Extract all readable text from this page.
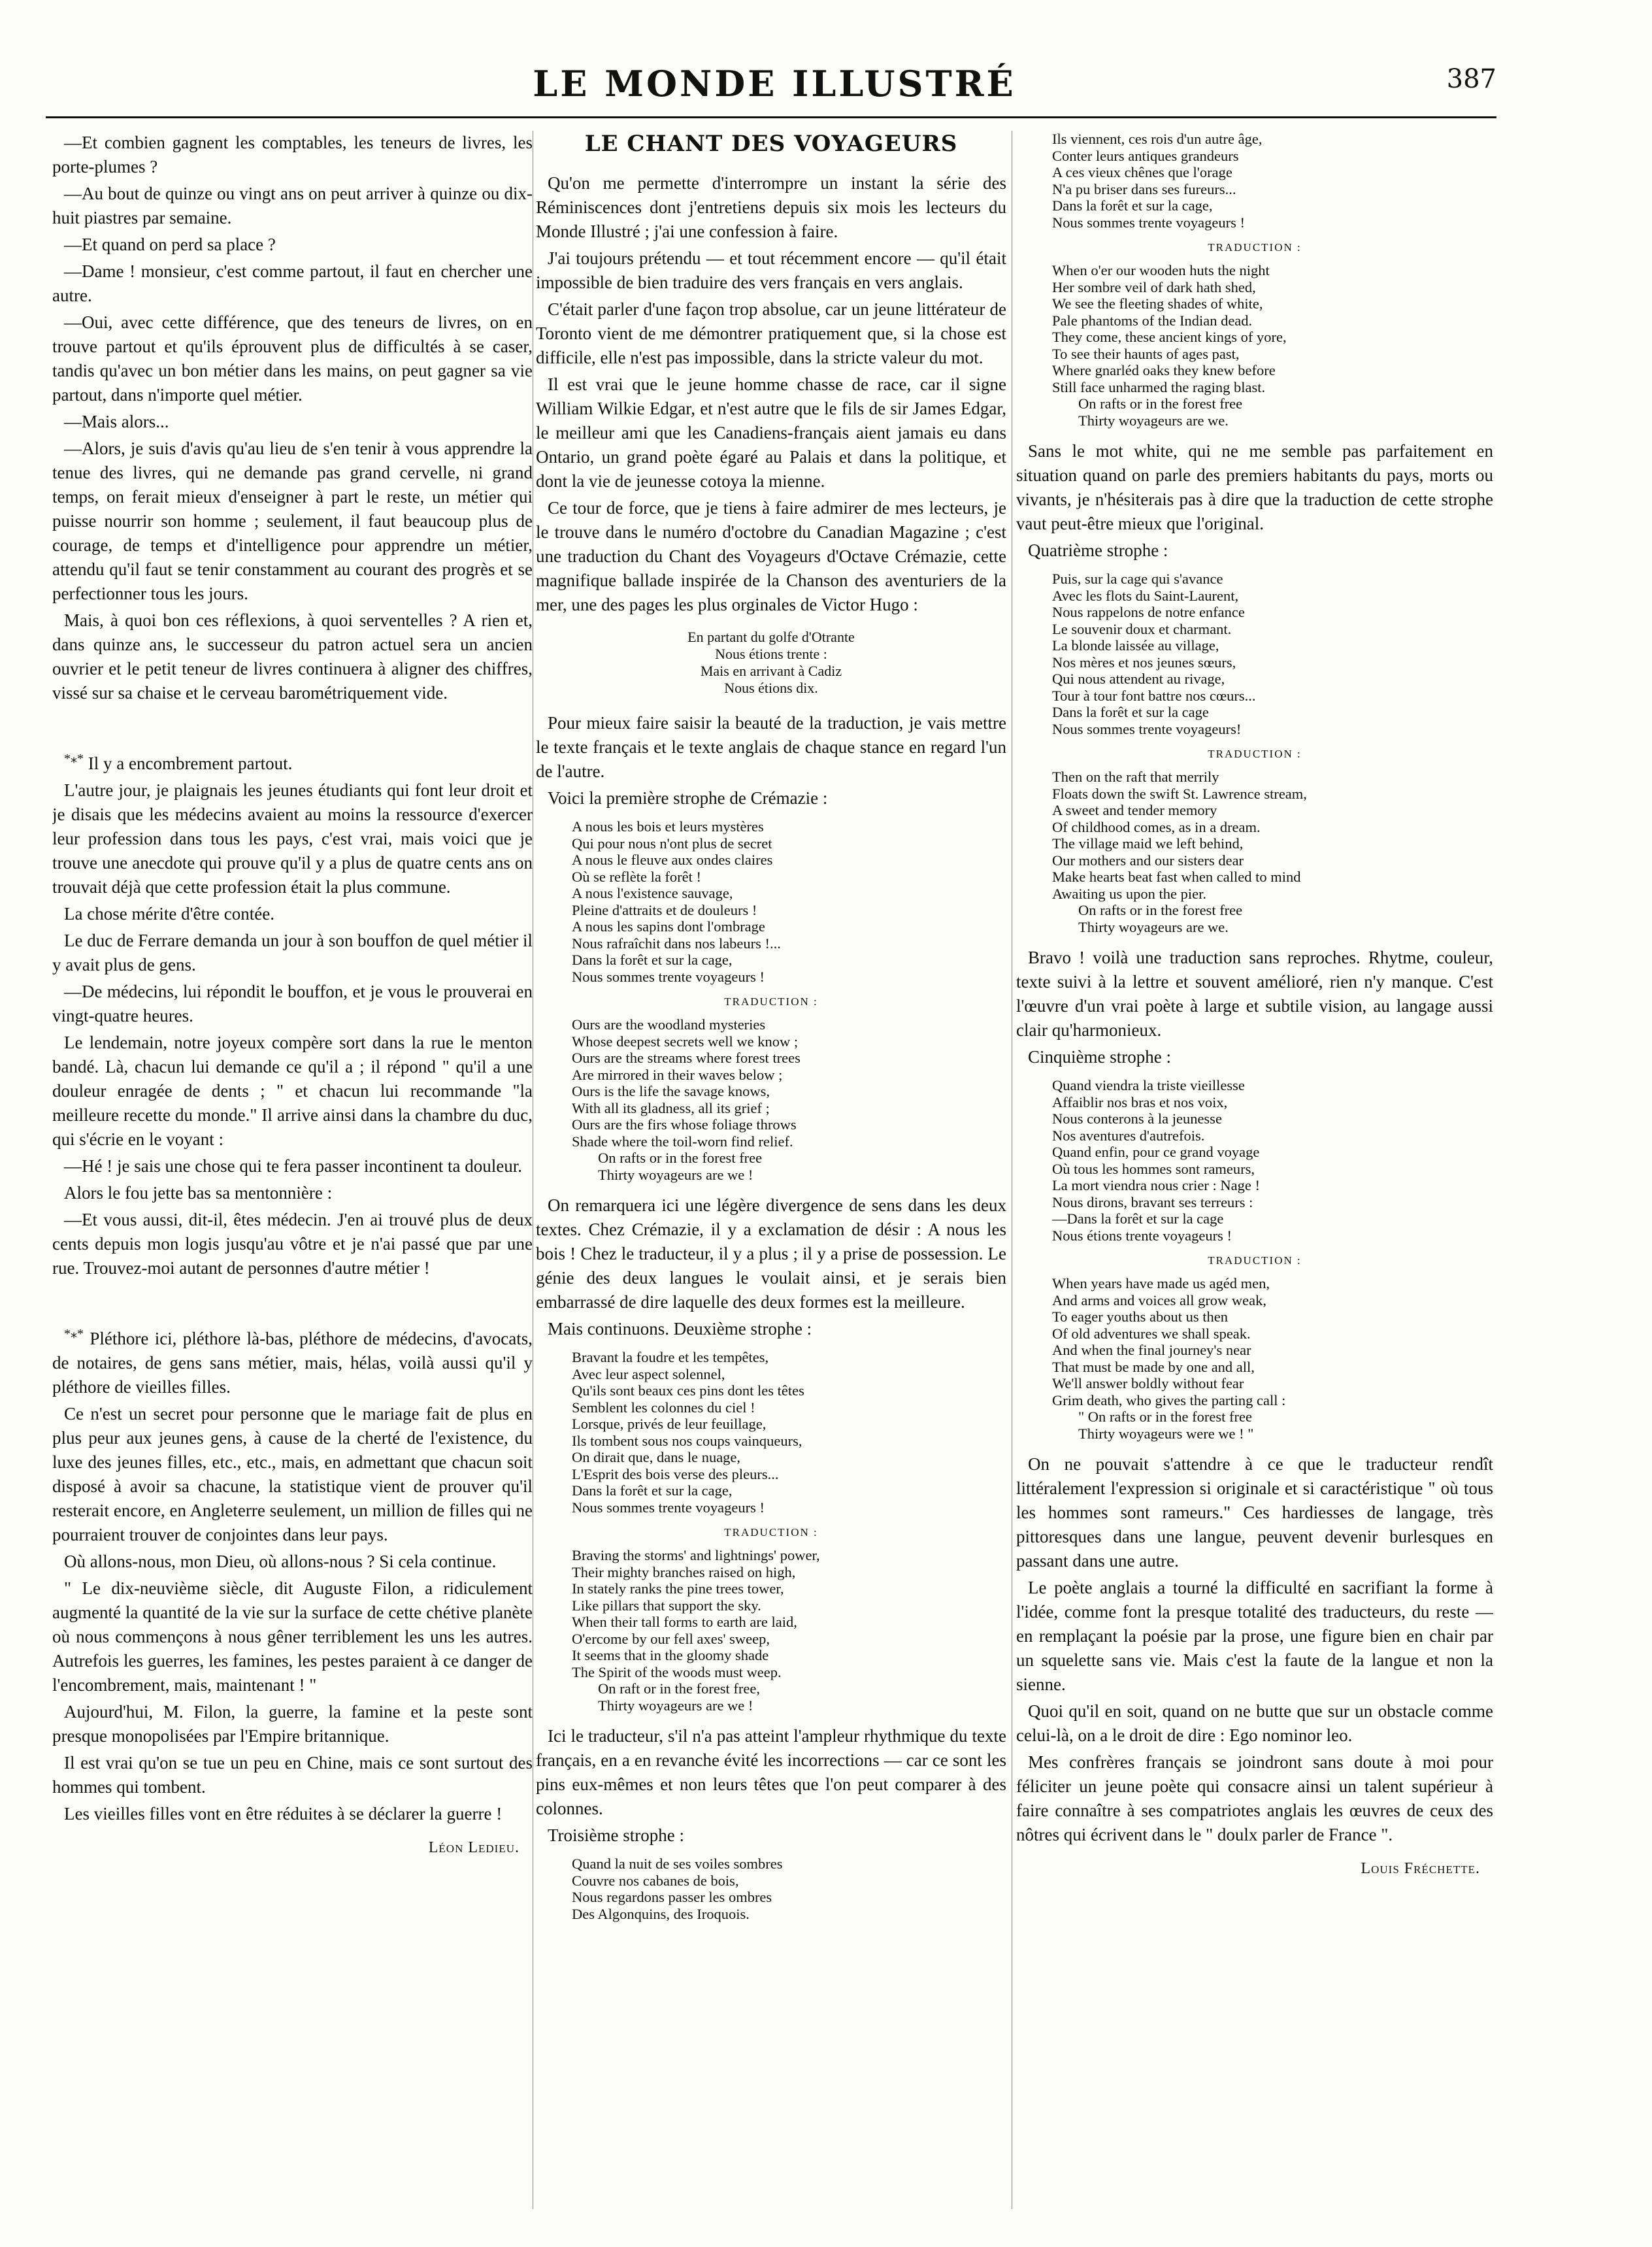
LE MONDE ILLUSTRÉ	387

—Et combien gagnent les comptables, les teneurs de livres, les porte-plumes ?

—Au bout de quinze ou vingt ans on peut arriver à quinze ou dix-huit piastres par semaine.

—Et quand on perd sa place ?

—Dame ! monsieur, c'est comme partout, il faut en chercher une autre.

—Oui, avec cette différence, que des teneurs de livres, on en trouve partout et qu'ils éprouvent plus de difficultés à se caser, tandis qu'avec un bon métier dans les mains, on peut gagner sa vie partout, dans n'importe quel métier.

—Mais alors...

—Alors, je suis d'avis qu'au lieu de s'en tenir à vous apprendre la tenue des livres, qui ne demande pas grand cervelle, ni grand temps, on ferait mieux d'enseigner à part le reste, un métier qui puisse nourrir son homme ; seulement, il faut beaucoup plus de courage, de temps et d'intelligence pour apprendre un métier, attendu qu'il faut se tenir constamment au courant des progrès et se perfectionner tous les jours.

Mais, à quoi bon ces réflexions, à quoi serventelles ? A rien et, dans quinze ans, le successeur du patron actuel sera un ancien ouvrier et le petit teneur de livres continuera à aligner des chiffres, vissé sur sa chaise et le cerveau barométriquement vide.

*⁎* Il y a encombrement partout.

L'autre jour, je plaignais les jeunes étudiants qui font leur droit et je disais que les médecins avaient au moins la ressource d'exercer leur profession dans tous les pays, c'est vrai, mais voici que je trouve une anecdote qui prouve qu'il y a plus de quatre cents ans on trouvait déjà que cette profession était la plus commune.

La chose mérite d'être contée.

Le duc de Ferrare demanda un jour à son bouffon de quel métier il y avait plus de gens.

—De médecins, lui répondit le bouffon, et je vous le prouverai en vingt-quatre heures.

Le lendemain, notre joyeux compère sort dans la rue le menton bandé. Là, chacun lui demande ce qu'il a ; il répond " qu'il a une douleur enragée de dents ; " et chacun lui recommande "la meilleure recette du monde." Il arrive ainsi dans la chambre du duc, qui s'écrie en le voyant :

—Hé ! je sais une chose qui te fera passer incontinent ta douleur.

Alors le fou jette bas sa mentonnière :

—Et vous aussi, dit-il, êtes médecin. J'en ai trouvé plus de deux cents depuis mon logis jusqu'au vôtre et je n'ai passé que par une rue. Trouvez-moi autant de personnes d'autre métier !

*⁎* Pléthore ici, pléthore là-bas, pléthore de médecins, d'avocats, de notaires, de gens sans métier, mais, hélas, voilà aussi qu'il y pléthore de vieilles filles.

Ce n'est un secret pour personne que le mariage fait de plus en plus peur aux jeunes gens, à cause de la cherté de l'existence, du luxe des jeunes filles, etc., etc., mais, en admettant que chacun soit disposé à avoir sa chacune, la statistique vient de prouver qu'il resterait encore, en Angleterre seulement, un million de filles qui ne pourraient trouver de conjointes dans leur pays.

Où allons-nous, mon Dieu, où allons-nous ? Si cela continue.

" Le dix-neuvième siècle, dit Auguste Filon, a ridiculement augmenté la quantité de la vie sur la surface de cette chétive planète où nous commençons à nous gêner terriblement les uns les autres. Autrefois les guerres, les famines, les pestes paraient à ce danger de l'encombrement, mais, maintenant ! "

Aujourd'hui, M. Filon, la guerre, la famine et la peste sont presque monopolisées par l'Empire britannique.

Il est vrai qu'on se tue un peu en Chine, mais ce sont surtout des hommes qui tombent.

Les vieilles filles vont en être réduites à se déclarer la guerre !

Léon Ledieu.
LE CHANT DES VOYAGEURS

Qu'on me permette d'interrompre un instant la série des Réminiscences dont j'entretiens depuis six mois les lecteurs du Monde Illustré ; j'ai une confession à faire.

J'ai toujours prétendu — et tout récemment encore — qu'il était impossible de bien traduire des vers français en vers anglais.

C'était parler d'une façon trop absolue, car un jeune littérateur de Toronto vient de me démontrer pratiquement que, si la chose est difficile, elle n'est pas impossible, dans la stricte valeur du mot.

Il est vrai que le jeune homme chasse de race, car il signe William Wilkie Edgar, et n'est autre que le fils de sir James Edgar, le meilleur ami que les Canadiens-français aient jamais eu dans Ontario, un grand poète égaré au Palais et dans la politique, et dont la vie de jeunesse cotoya la mienne.

Ce tour de force, que je tiens à faire admirer de mes lecteurs, je le trouve dans le numéro d'octobre du Canadian Magazine ; c'est une traduction du Chant des Voyageurs d'Octave Crémazie, cette magnifique ballade inspirée de la Chanson des aventuriers de la mer, une des pages les plus orginales de Victor Hugo :

En partant du golfe d'Otrante
Nous étions trente :
Mais en arrivant à Cadiz
Nous étions dix.

Pour mieux faire saisir la beauté de la traduction, je vais mettre le texte français et le texte anglais de chaque stance en regard l'un de l'autre.

Voici la première strophe de Crémazie :

A nous les bois et leurs mystères
Qui pour nous n'ont plus de secret
A nous le fleuve aux ondes claires
Où se reflète la forêt !
A nous l'existence sauvage,
Pleine d'attraits et de douleurs !
A nous les sapins dont l'ombrage
Nous rafraîchit dans nos labeurs !...
Dans la forêt et sur la cage,
Nous sommes trente voyageurs !
TRADUCTION :
Ours are the woodland mysteries
Whose deepest secrets well we know ;
Ours are the streams where forest trees
Are mirrored in their waves below ;
Ours is the life the savage knows,
With all its gladness, all its grief ;
Ours are the firs whose foliage throws
Shade where the toil-worn find relief.
On rafts or in the forest free
Thirty woyageurs are we !

On remarquera ici une légère divergence de sens dans les deux textes. Chez Crémazie, il y a exclamation de désir : A nous les bois ! Chez le traducteur, il y a plus ; il y a prise de possession. Le génie des deux langues le voulait ainsi, et je serais bien embarrassé de dire laquelle des deux formes est la meilleure.

Mais continuons. Deuxième strophe :

Bravant la foudre et les tempêtes,
Avec leur aspect solennel,
Qu'ils sont beaux ces pins dont les têtes
Semblent les colonnes du ciel !
Lorsque, privés de leur feuillage,
Ils tombent sous nos coups vainqueurs,
On dirait que, dans le nuage,
L'Esprit des bois verse des pleurs...
Dans la forêt et sur la cage,
Nous sommes trente voyageurs !
TRADUCTION :
Braving the storms' and lightnings' power,
Their mighty branches raised on high,
In stately ranks the pine trees tower,
Like pillars that support the sky.
When their tall forms to earth are laid,
O'ercome by our fell axes' sweep,
It seems that in the gloomy shade
The Spirit of the woods must weep.
On raft or in the forest free,
Thirty woyageurs are we !

Ici le traducteur, s'il n'a pas atteint l'ampleur rhythmique du texte français, en a en revanche évité les incorrections — car ce sont les pins eux-mêmes et non leurs têtes que l'on peut comparer à des colonnes.

Troisième strophe :

Quand la nuit de ses voiles sombres
Couvre nos cabanes de bois,
Nous regardons passer les ombres
Des Algonquins, des Iroquois.
Ils viennent, ces rois d'un autre âge,
Conter leurs antiques grandeurs
A ces vieux chênes que l'orage
N'a pu briser dans ses fureurs...
Dans la forêt et sur la cage,
Nous sommes trente voyageurs !
TRADUCTION :
When o'er our wooden huts the night
Her sombre veil of dark hath shed,
We see the fleeting shades of white,
Pale phantoms of the Indian dead.
They come, these ancient kings of yore,
To see their haunts of ages past,
Where gnarléd oaks they knew before
Still face unharmed the raging blast.
On rafts or in the forest free
Thirty woyageurs are we.

Sans le mot white, qui ne me semble pas parfaitement en situation quand on parle des premiers habitants du pays, morts ou vivants, je n'hésiterais pas à dire que la traduction de cette strophe vaut peut-être mieux que l'original.

Quatrième strophe :

Puis, sur la cage qui s'avance
Avec les flots du Saint-Laurent,
Nous rappelons de notre enfance
Le souvenir doux et charmant.
La blonde laissée au village,
Nos mères et nos jeunes sœurs,
Qui nous attendent au rivage,
Tour à tour font battre nos cœurs...
Dans la forêt et sur la cage
Nous sommes trente voyageurs!
TRADUCTION :
Then on the raft that merrily
Floats down the swift St. Lawrence stream,
A sweet and tender memory
Of childhood comes, as in a dream.
The village maid we left behind,
Our mothers and our sisters dear
Make hearts beat fast when called to mind
Awaiting us upon the pier.
On rafts or in the forest free
Thirty woyageurs are we.

Bravo ! voilà une traduction sans reproches. Rhytme, couleur, texte suivi à la lettre et souvent amélioré, rien n'y manque. C'est l'œuvre d'un vrai poète à large et subtile vision, au langage aussi clair qu'harmonieux.

Cinquième strophe :

Quand viendra la triste vieillesse
Affaiblir nos bras et nos voix,
Nous conterons à la jeunesse
Nos aventures d'autrefois.
Quand enfin, pour ce grand voyage
Où tous les hommes sont rameurs,
La mort viendra nous crier : Nage !
Nous dirons, bravant ses terreurs :
—Dans la forêt et sur la cage
Nous étions trente voyageurs !
TRADUCTION :
When years have made us agéd men,
And arms and voices all grow weak,
To eager youths about us then
Of old adventures we shall speak.
And when the final journey's near
That must be made by one and all,
We'll answer boldly without fear
Grim death, who gives the parting call :
" On rafts or in the forest free
Thirty woyageurs were we ! "

On ne pouvait s'attendre à ce que le traducteur rendît littéralement l'expression si originale et si caractéristique " où tous les hommes sont rameurs." Ces hardiesses de langage, très pittoresques dans une langue, peuvent devenir burlesques en passant dans une autre.

Le poète anglais a tourné la difficulté en sacrifiant la forme à l'idée, comme font la presque totalité des traducteurs, du reste — en remplaçant la poésie par la prose, une figure bien en chair par un squelette sans vie. Mais c'est la faute de la langue et non la sienne.

Quoi qu'il en soit, quand on ne butte que sur un obstacle comme celui-là, on a le droit de dire : Ego nominor leo.

Mes confrères français se joindront sans doute à moi pour féliciter un jeune poète qui consacre ainsi un talent supérieur à faire connaître à ses compatriotes anglais les œuvres de ceux des nôtres qui écrivent dans le " doulx parler de France ".

Louis Fréchette.
